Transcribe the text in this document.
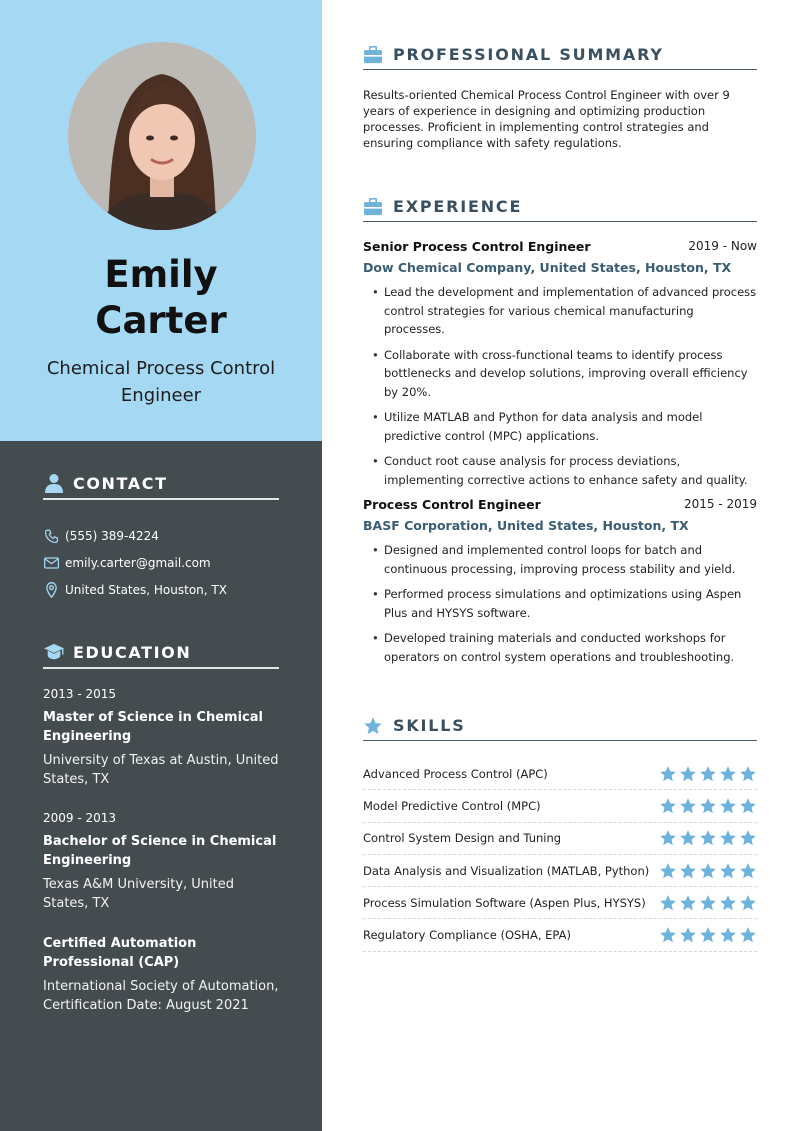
Emily
Carter
Chemical Process Control Engineer
CONTACT
(555) 389-4224
emily.carter@gmail.com
United States, Houston, TX
EDUCATION
2013 - 2015
Master of Science in Chemical Engineering
University of Texas at Austin, United States, TX
2009 - 2013
Bachelor of Science in Chemical Engineering
Texas A&M University, United States, TX
Certified Automation Professional (CAP)
International Society of Automation, Certification Date: August 2021
PROFESSIONAL SUMMARY
Results-oriented Chemical Process Control Engineer with over 9 years of experience in designing and optimizing production processes. Proficient in implementing control strategies and ensuring compliance with safety regulations.
EXPERIENCE
Senior Process Control Engineer	2019 - Now
Dow Chemical Company, United States, Houston, TX
• Lead the development and implementation of advanced process control strategies for various chemical manufacturing processes.
• Collaborate with cross-functional teams to identify process bottlenecks and develop solutions, improving overall efficiency by 20%.
• Utilize MATLAB and Python for data analysis and model predictive control (MPC) applications.
• Conduct root cause analysis for process deviations, implementing corrective actions to enhance safety and quality.
Process Control Engineer	2015 - 2019
BASF Corporation, United States, Houston, TX
• Designed and implemented control loops for batch and continuous processing, improving process stability and yield.
• Performed process simulations and optimizations using Aspen Plus and HYSYS software.
• Developed training materials and conducted workshops for operators on control system operations and troubleshooting.
SKILLS
Advanced Process Control (APC)
Model Predictive Control (MPC)
Control System Design and Tuning
Data Analysis and Visualization (MATLAB, Python)
Process Simulation Software (Aspen Plus, HYSYS)
Regulatory Compliance (OSHA, EPA)
